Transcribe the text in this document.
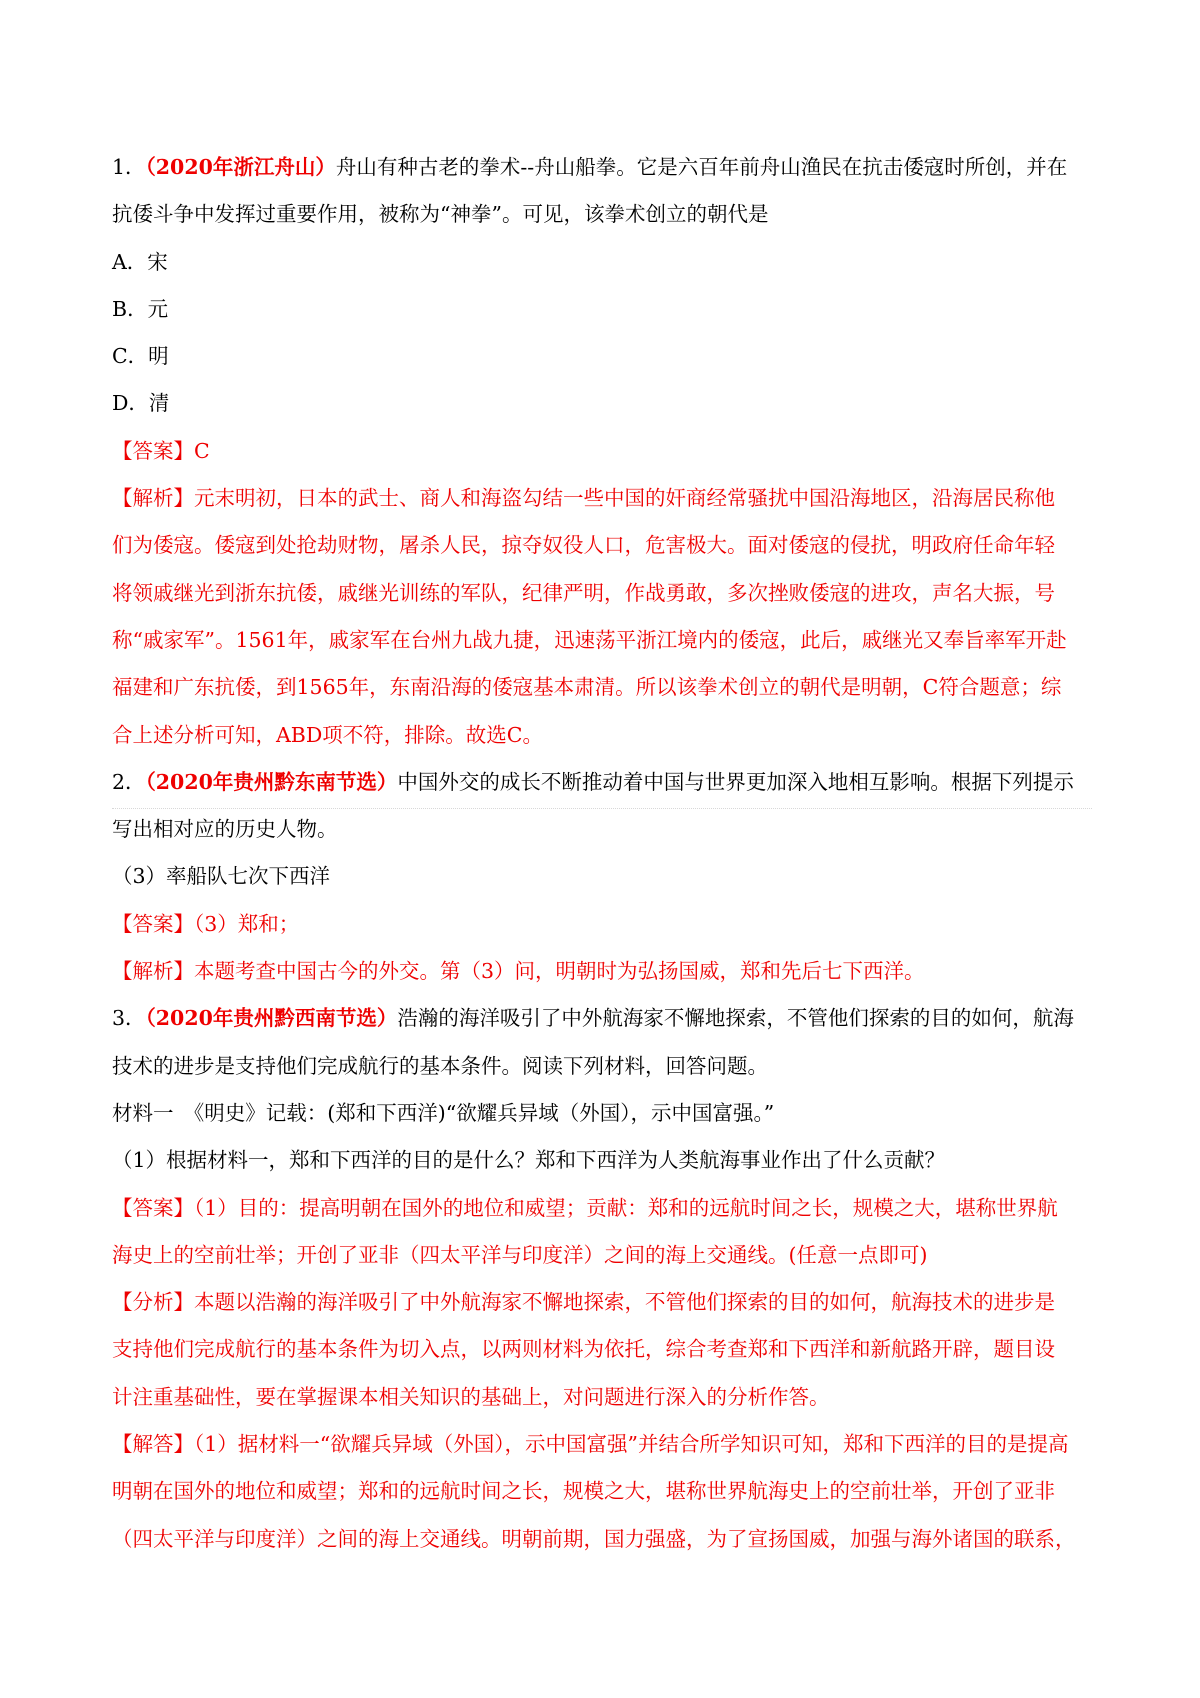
1．（2020年浙江舟山）舟山有种古老的拳术--舟山船拳。它是六百年前舟山渔民在抗击倭寇时所创，并在

抗倭斗争中发挥过重要作用，被称为“神拳”。可见，该拳术创立的朝代是

A．宋

B．元

C．明

D．清

【答案】C

【解析】元末明初，日本的武士、商人和海盗勾结一些中国的奸商经常骚扰中国沿海地区，沿海居民称他

们为倭寇。倭寇到处抢劫财物，屠杀人民，掠夺奴役人口，危害极大。面对倭寇的侵扰，明政府任命年轻

将领戚继光到浙东抗倭，戚继光训练的军队，纪律严明，作战勇敢，多次挫败倭寇的进攻，声名大振，号

称“戚家军”。1561年，戚家军在台州九战九捷，迅速荡平浙江境内的倭寇，此后，戚继光又奉旨率军开赴

福建和广东抗倭，到1565年，东南沿海的倭寇基本肃清。所以该拳术创立的朝代是明朝，C符合题意；综

合上述分析可知，ABD项不符，排除。故选C。

2．（2020年贵州黔东南节选）中国外交的成长不断推动着中国与世界更加深入地相互影响。根据下列提示

写出相对应的历史人物。

（3）率船队七次下西洋

【答案】（3）郑和；

【解析】本题考查中国古今的外交。第（3）问，明朝时为弘扬国威，郑和先后七下西洋。

3．（2020年贵州黔西南节选）浩瀚的海洋吸引了中外航海家不懈地探索，不管他们探索的目的如何，航海

技术的进步是支持他们完成航行的基本条件。阅读下列材料，回答问题。

材料一　《明史》记载：(郑和下西洋)“欲耀兵异域（外国），示中国富强。”

（1）根据材料一，郑和下西洋的目的是什么？郑和下西洋为人类航海事业作出了什么贡献？

【答案】（1）目的：提高明朝在国外的地位和威望；贡献：郑和的远航时间之长，规模之大，堪称世界航

海史上的空前壮举；开创了亚非（四太平洋与印度洋）之间的海上交通线。(任意一点即可)

【分析】本题以浩瀚的海洋吸引了中外航海家不懈地探索，不管他们探索的目的如何，航海技术的进步是

支持他们完成航行的基本条件为切入点，以两则材料为依托，综合考查郑和下西洋和新航路开辟，题目设

计注重基础性，要在掌握课本相关知识的基础上，对问题进行深入的分析作答。

【解答】（1）据材料一“欲耀兵异域（外国），示中国富强”并结合所学知识可知，郑和下西洋的目的是提高

明朝在国外的地位和威望；郑和的远航时间之长，规模之大，堪称世界航海史上的空前壮举，开创了亚非

（四太平洋与印度洋）之间的海上交通线。明朝前期，国力强盛，为了宣扬国威，加强与海外诸国的联系，
